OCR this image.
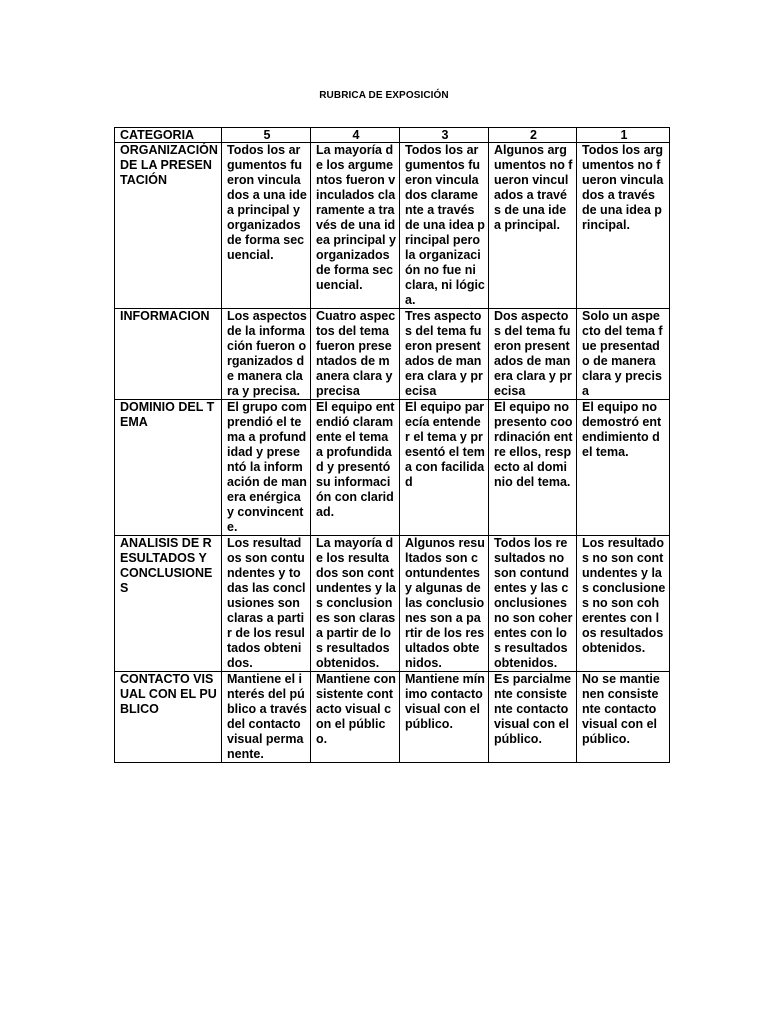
RUBRICA DE EXPOSICIÓN
CATEGORIA	5	4	3	2	1
ORGANIZACIÓN DE LA PRESENTACIÓN	Todos los argumentos fueron vinculados a una idea principal y organizados de forma secuencial.	La mayoría de los argumentos fueron vinculados claramente a través de una idea principal y organizados de forma secuencial.	Todos los argumentos fueron vinculados claramente a través de una idea principal pero la organización no fue ni clara, ni lógica.	Algunos argumentos no fueron vinculados a través de una idea principal.	Todos los argumentos no fueron vinculados a través de una idea principal.
INFORMACION	Los aspectos de la información fueron organizados de manera clara y precisa.	Cuatro aspectos del tema fueron presentados de manera clara y precisa	Tres aspectos del tema fueron presentados de manera clara y precisa	Dos aspectos del tema fueron presentados de manera clara y precisa	Solo un aspecto del tema fue presentado de manera clara y precisa
DOMINIO DEL TEMA	El grupo comprendió el tema a profundidad y presentó la información de manera enérgica y convincente.	El equipo entendió claramente el tema a profundidad y presentó su información con claridad.	El equipo parecía entender el tema y presentó el tema con facilidad	El equipo no presento coordinación entre ellos, respecto al dominio del tema.	El equipo no demostró entendimiento del tema.
ANALISIS DE RESULTADOS Y CONCLUSIONES	Los resultados son contundentes y todas las conclusiones son claras a partir de los resultados obtenidos.	La mayoría de los resultados son contundentes y las conclusiones son claras a partir de los resultados obtenidos.	Algunos resultados son contundentes y algunas de las conclusiones son a partir de los resultados obtenidos.	Todos los resultados no son contundentes y las conclusiones no son coherentes con los resultados obtenidos.	Los resultados no son contundentes y las conclusiones no son coherentes con los resultados obtenidos.
CONTACTO VISUAL CON EL PUBLICO	Mantiene el interés del público a través del contacto visual permanente.	Mantiene consistente contacto visual con el público.	Mantiene mínimo contacto visual con el público.	Es parcialmente consistente contacto visual con el público.	No se mantienen consistente contacto visual con el público.
